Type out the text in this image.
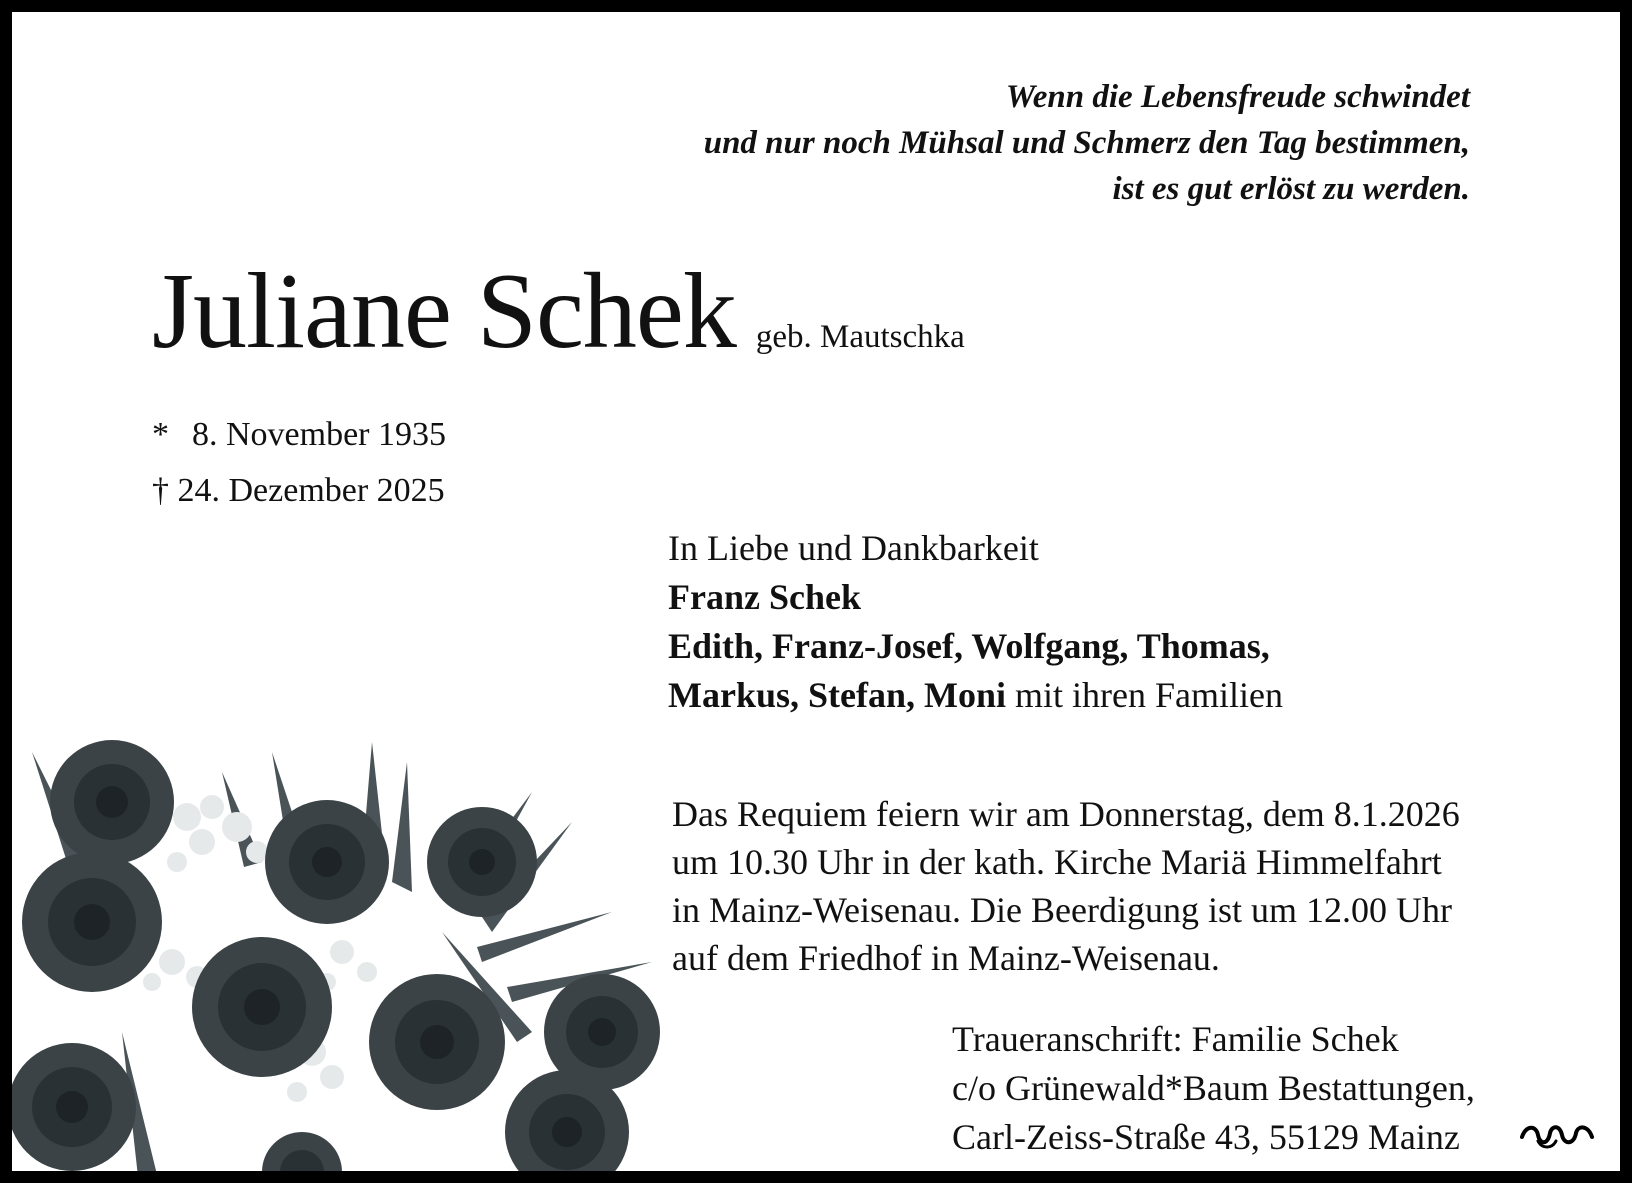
Wenn die Lebensfreude schwindet
und nur noch Mühsal und Schmerz den Tag bestimmen,
ist es gut erlöst zu werden.
Juliane Schek geb. Mautschka
* 8. November 1935
† 24. Dezember 2025
In Liebe und Dankbarkeit
Franz Schek
Edith, Franz-Josef, Wolfgang, Thomas,
Markus, Stefan, Moni mit ihren Familien
Das Requiem feiern wir am Donnerstag, dem 8.1.2026
um 10.30 Uhr in der kath. Kirche Mariä Himmelfahrt
in Mainz-Weisenau. Die Beerdigung ist um 12.00 Uhr
auf dem Friedhof in Mainz-Weisenau.
Traueranschrift: Familie Schek
c/o Grünewald*Baum Bestattungen,
Carl-Zeiss-Straße 43, 55129 Mainz
